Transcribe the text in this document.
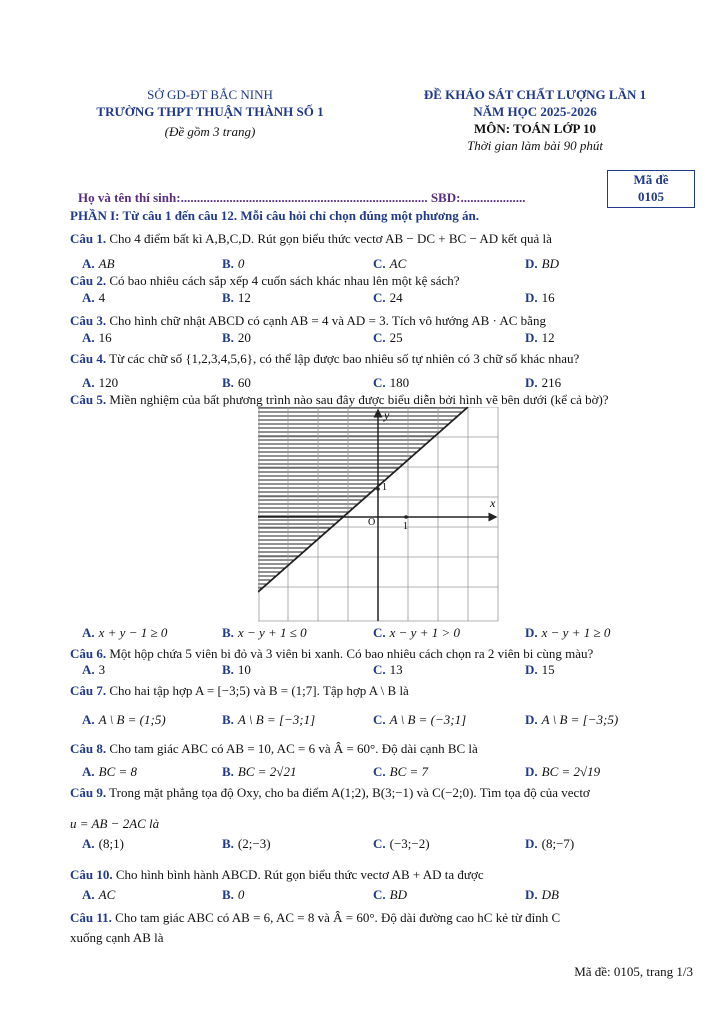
SỞ GD-ĐT BẮC NINH
TRƯỜNG THPT THUẬN THÀNH SỐ 1
(Đề gồm 3 trang)
ĐỀ KHẢO SÁT CHẤT LƯỢNG LẦN 1
NĂM HỌC 2025-2026
MÔN: TOÁN LỚP 10
Thời gian làm bài 90 phút
Mã đề
0105
Họ và tên thí sinh:............................................................................ SBD:....................
PHẦN I: Từ câu 1 đến câu 12. Mỗi câu hỏi chỉ chọn đúng một phương án.
Câu 1. Cho 4 điểm bất kì A,B,C,D. Rút gọn biểu thức vectơ AB − DC + BC − AD kết quả là
A. AB	B. 0	C. AC	D. BD
Câu 2. Có bao nhiêu cách sắp xếp 4 cuốn sách khác nhau lên một kệ sách?
A. 4	B. 12	C. 24	D. 16
Câu 3. Cho hình chữ nhật ABCD có cạnh AB = 4 và AD = 3. Tích vô hướng AB · AC bằng
A. 16	B. 20	C. 25	D. 12
Câu 4. Từ các chữ số {1,2,3,4,5,6}, có thể lập được bao nhiêu số tự nhiên có 3 chữ số khác nhau?
A. 120	B. 60	C. 180	D. 216
Câu 5. Miền nghiệm của bất phương trình nào sau đây được biểu diễn bởi hình vẽ bên dưới (kể cả bờ)?
x
y
O	1
1
A. x + y − 1 ≥ 0	B. x − y + 1 ≤ 0	C. x − y + 1 > 0	D. x − y + 1 ≥ 0
Câu 6. Một hộp chứa 5 viên bi đỏ và 3 viên bi xanh. Có bao nhiêu cách chọn ra 2 viên bi cùng màu?
A. 3	B. 10	C. 13	D. 15
Câu 7. Cho hai tập hợp A = [−3;5) và B = (1;7]. Tập hợp A \ B là
A. A \ B = (1;5)	B. A \ B = [−3;1]	C. A \ B = (−3;1]	D. A \ B = [−3;5)
Câu 8. Cho tam giác ABC có AB = 10, AC = 6 và Â = 60°. Độ dài cạnh BC là
A. BC = 8	B. BC = 2√21	C. BC = 7	D. BC = 2√19
Câu 9. Trong mặt phẳng tọa độ Oxy, cho ba điểm A(1;2), B(3;−1) và C(−2;0). Tìm tọa độ của vectơ
u = AB − 2AC là
A. (8;1)	B. (2;−3)	C. (−3;−2)	D. (8;−7)
Câu 10. Cho hình bình hành ABCD. Rút gọn biểu thức vectơ AB + AD ta được
A. AC	B. 0	C. BD	D. DB
Câu 11. Cho tam giác ABC có AB = 6, AC = 8 và Â = 60°. Độ dài đường cao hC kẻ từ đỉnh C
xuống cạnh AB là
Mã đề: 0105, trang 1/3
